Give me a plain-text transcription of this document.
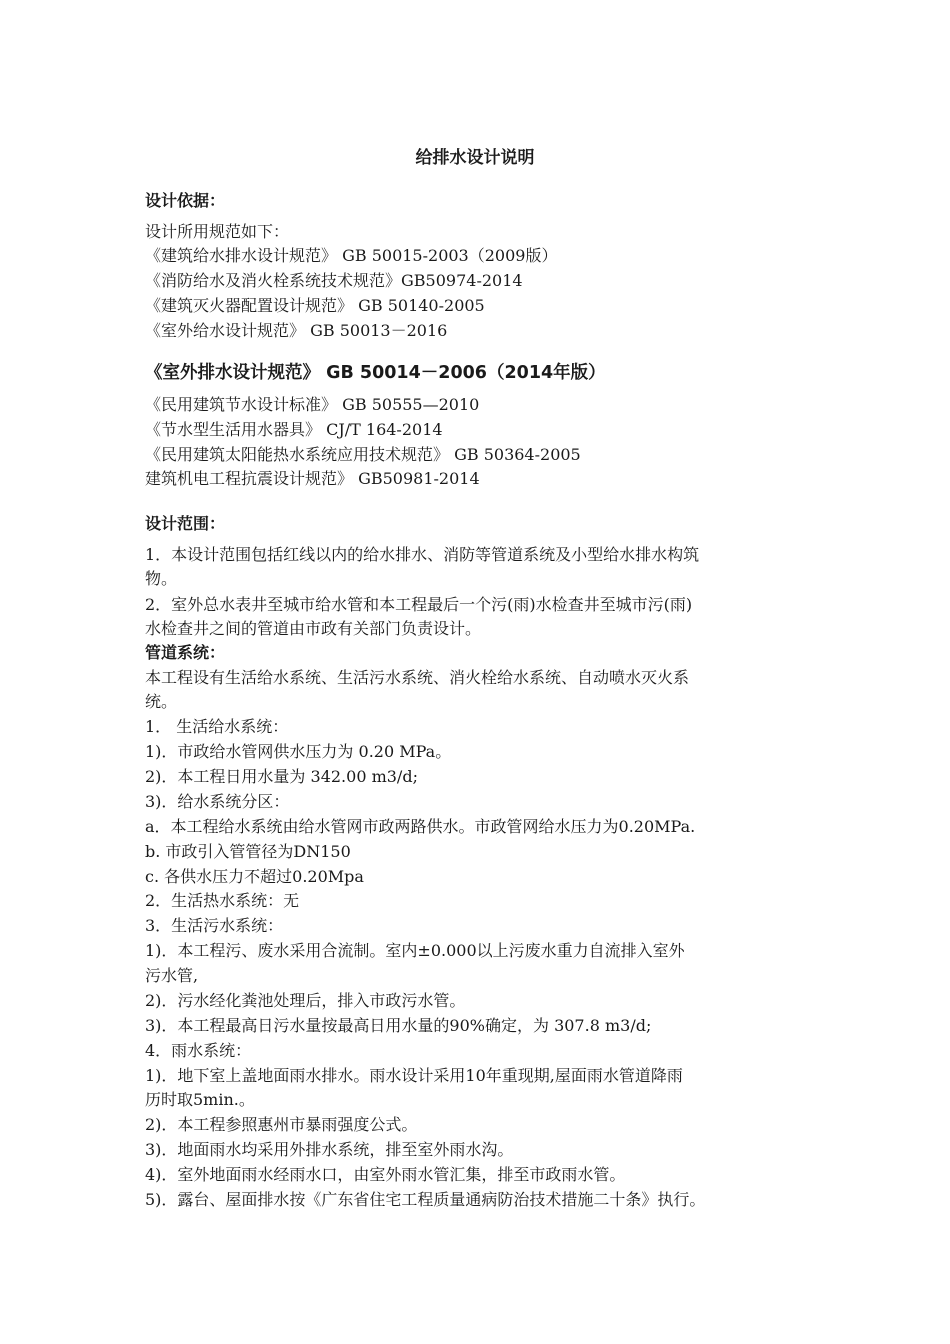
给排水设计说明

设计依据：

设计所用规范如下：

《建筑给水排水设计规范》 GB 50015-2003（2009版）

《消防给水及消火栓系统技术规范》GB50974-2014

《建筑灭火器配置设计规范》 GB 50140-2005

《室外给水设计规范》 GB 50013－2016

《室外排水设计规范》 GB 50014－2006（2014年版）

《民用建筑节水设计标准》 GB 50555—2010

《节水型生活用水器具》 CJ/T 164-2014

《民用建筑太阳能热水系统应用技术规范》 GB 50364-2005

建筑机电工程抗震设计规范》 GB50981-2014

设计范围：

1．本设计范围包括红线以内的给水排水、消防等管道系统及小型给水排水构筑

物。

2．室外总水表井至城市给水管和本工程最后一个污(雨)水检查井至城市污(雨)

水检查井之间的管道由市政有关部门负责设计。

管道系统：

本工程设有生活给水系统、生活污水系统、消火栓给水系统、自动喷水灭火系

统。

1． 生活给水系统：

1)．市政给水管网供水压力为 0.20 MPa。

2)．本工程日用水量为 342.00 m3/d;

3)．给水系统分区：

a．本工程给水系统由给水管网市政两路供水。市政管网给水压力为0.20MPa.

b. 市政引入管管径为DN150

c. 各供水压力不超过0.20Mpa

2．生活热水系统：无

3．生活污水系统：

1)．本工程污、废水采用合流制。室内±0.000以上污废水重力自流排入室外

污水管,

2)．污水经化粪池处理后，排入市政污水管。

3)．本工程最高日污水量按最高日用水量的90%确定，为 307.8 m3/d;

4．雨水系统：

1)．地下室上盖地面雨水排水。雨水设计采用10年重现期,屋面雨水管道降雨

历时取5min.。

2)．本工程参照惠州市暴雨强度公式。

3)．地面雨水均采用外排水系统，排至室外雨水沟。

4)．室外地面雨水经雨水口，由室外雨水管汇集，排至市政雨水管。

5)．露台、屋面排水按《广东省住宅工程质量通病防治技术措施二十条》执行。
